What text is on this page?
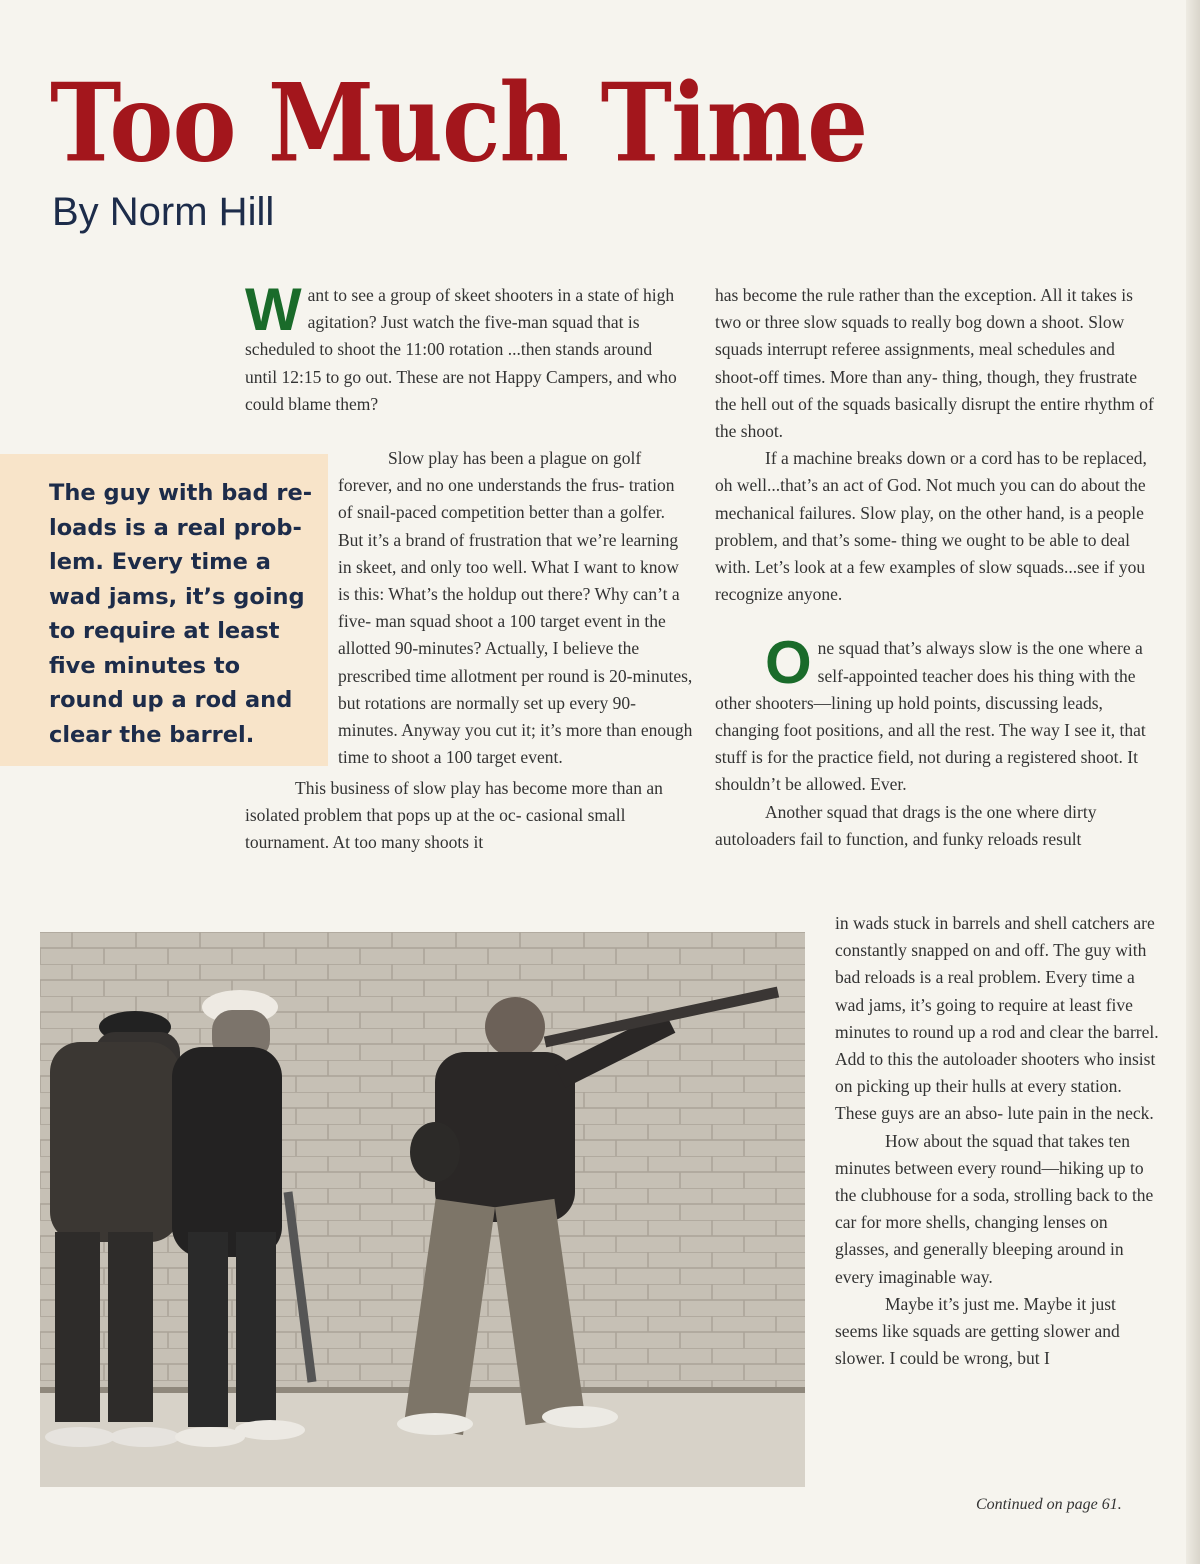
Too Much Time
By Norm Hill

Want to see a group of skeet shooters in a state of high agitation? Just watch the five-man squad that is scheduled to shoot the 11:00 rotation ...then stands around until 12:15 to go out. These are not Happy Campers, and who could blame them?

The guy with bad re- loads is a real prob- lem. Every time a wad jams, it’s going to require at least five minutes to round up a rod and clear the barrel.

Slow play has been a plague on golf forever, and no one understands the frus- tration of snail-paced competition better than a golfer. But it’s a brand of frustration that we’re learning in skeet, and only too well. What I want to know is this: What’s the holdup out there? Why can’t a five- man squad shoot a 100 target event in the allotted 90-minutes? Actually, I believe the prescribed time allotment per round is 20-minutes, but rotations are normally set up every 90-minutes. Anyway you cut it; it’s more than enough time to shoot a 100 target event.

This business of slow play has become more than an isolated problem that pops up at the oc- casional small tournament. At too many shoots it

has become the rule rather than the exception. All it takes is two or three slow squads to really bog down a shoot. Slow squads interrupt referee assignments, meal schedules and shoot-off times. More than any- thing, though, they frustrate the hell out of the squads basically disrupt the entire rhythm of the shoot.

If a machine breaks down or a cord has to be replaced, oh well...that’s an act of God. Not much you can do about the mechanical failures. Slow play, on the other hand, is a people problem, and that’s some- thing we ought to be able to deal with. Let’s look at a few examples of slow squads...see if you recognize anyone.

One squad that’s always slow is the one where a self-appointed teacher does his thing with the other shooters—lining up hold points, discussing leads, changing foot positions, and all the rest. The way I see it, that stuff is for the practice field, not during a registered shoot. It shouldn’t be allowed. Ever.

Another squad that drags is the one where dirty autoloaders fail to function, and funky reloads result

in wads stuck in barrels and shell catchers are constantly snapped on and off. The guy with bad reloads is a real problem. Every time a wad jams, it’s going to require at least five minutes to round up a rod and clear the barrel. Add to this the autoloader shooters who insist on picking up their hulls at every station. These guys are an abso- lute pain in the neck.

How about the squad that takes ten minutes between every round—hiking up to the clubhouse for a soda, strolling back to the car for more shells, changing lenses on glasses, and generally bleeping around in every imaginable way.

Maybe it’s just me. Maybe it just seems like squads are getting slower and slower. I could be wrong, but I

Continued on page 61.
